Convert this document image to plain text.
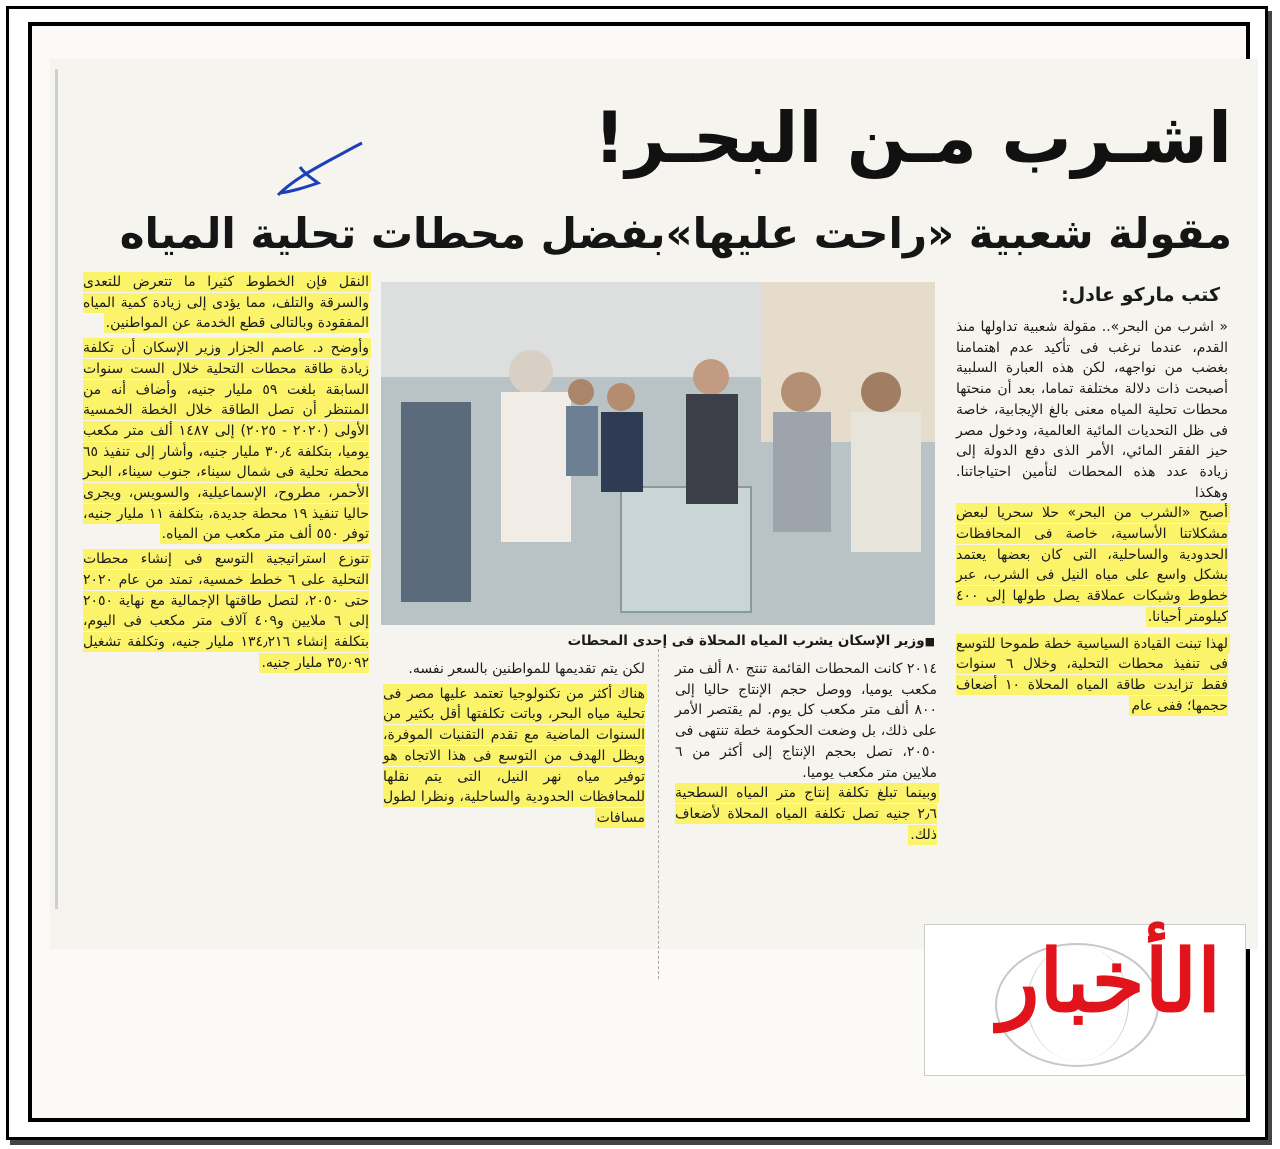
اشـرب مـن البحـر!
مقولة شعبية «راحت عليها»بفضل محطات تحلية المياه
كتب ماركو عادل:

« اشرب من البحر».. مقولة شعبية تداولها منذ القدم، عندما نرغب فى تأكيد عدم اهتمامنا بغضب من نواجهه، لكن هذه العبارة السلبية أصبحت ذات دلالة مختلفة تماما، بعد أن منحتها محطات تحلية المياه معنى بالغ الإيجابية، خاصة فى ظل التحديات المائية العالمية، ودخول مصر حيز الفقر المائي، الأمر الذى دفع الدولة إلى زيادة عدد هذه المحطات لتأمين احتياجاتنا. وهكذا

أصبح «الشرب من البحر» حلا سحريا لبعض مشكلاتنا الأساسية، خاصة فى المحافظات الحدودية والساحلية، التى كان بعضها يعتمد بشكل واسع على مياه النيل فى الشرب، عبر خطوط وشبكات عملاقة يصل طولها إلى ٤٠٠ كيلومتر أحيانا.

لهذا تبنت القيادة السياسية خطة طموحا للتوسع فى تنفيذ محطات التحلية، وخلال ٦ سنوات فقط تزايدت طاقة المياه المحلاة ١٠ أضعاف حجمها؛ ففى عام

■ وزير الإسكان يشرب المياه المحلاة فى إحدى المحطات

٢٠١٤ كانت المحطات القائمة تنتج ٨٠ ألف متر مكعب يوميا، ووصل حجم الإنتاج حاليا إلى ٨٠٠ ألف متر مكعب كل يوم. لم يقتصر الأمر على ذلك، بل وضعت الحكومة خطة تنتهى فى ٢٠٥٠، تصل بحجم الإنتاج إلى أكثر من ٦ ملايين متر مكعب يوميا.

وبينما تبلغ تكلفة إنتاج متر المياه السطحية ٢٫٦ جنيه تصل تكلفة المياه المحلاة لأضعاف ذلك.

لكن يتم تقديمها للمواطنين بالسعر نفسه.

هناك أكثر من تكنولوجيا تعتمد عليها مصر فى تحلية مياه البحر، وباتت تكلفتها أقل بكثير من السنوات الماضية مع تقدم التقنيات الموفرة، ويظل الهدف من التوسع فى هذا الاتجاه هو توفير مياه نهر النيل، التى يتم نقلها للمحافظات الحدودية والساحلية، ونظرا لطول مسافات

النقل فإن الخطوط كثيرا ما تتعرض للتعدى والسرقة والتلف، مما يؤدى إلى زيادة كمية المياه المفقودة وبالتالى قطع الخدمة عن المواطنين.

وأوضح د. عاصم الجزار وزير الإسكان أن تكلفة زيادة طاقة محطات التحلية خلال الست سنوات السابقة بلغت ٥٩ مليار جنيه، وأضاف أنه من المنتظر أن تصل الطاقة خلال الخطة الخمسية الأولى (٢٠٢٠ - ٢٠٢٥) إلى ١٤٨٧ ألف متر مكعب يوميا، بتكلفة ٣٠٫٤ مليار جنيه، وأشار إلى تنفيذ ٦٥ محطة تحلية فى شمال سيناء، جنوب سيناء، البحر الأحمر، مطروح، الإسماعيلية، والسويس، ويجرى حاليا تنفيذ ١٩ محطة جديدة، بتكلفة ١١ مليار جنيه، توفر ٥٥٠ ألف متر مكعب من المياه.

تتوزع استراتيجية التوسع فى إنشاء محطات التحلية على ٦ خطط خمسية، تمتد من عام ٢٠٢٠ حتى ٢٠٥٠، لتصل طاقتها الإجمالية مع نهاية ٢٠٥٠ إلى ٦ ملايين و٤٠٩ آلاف متر مكعب فى اليوم، بتكلفة إنشاء ١٣٤٫٢١٦ مليار جنيه، وتكلفة تشغيل ٣٥٫٠٩٢ مليار جنيه.

الأخبار
